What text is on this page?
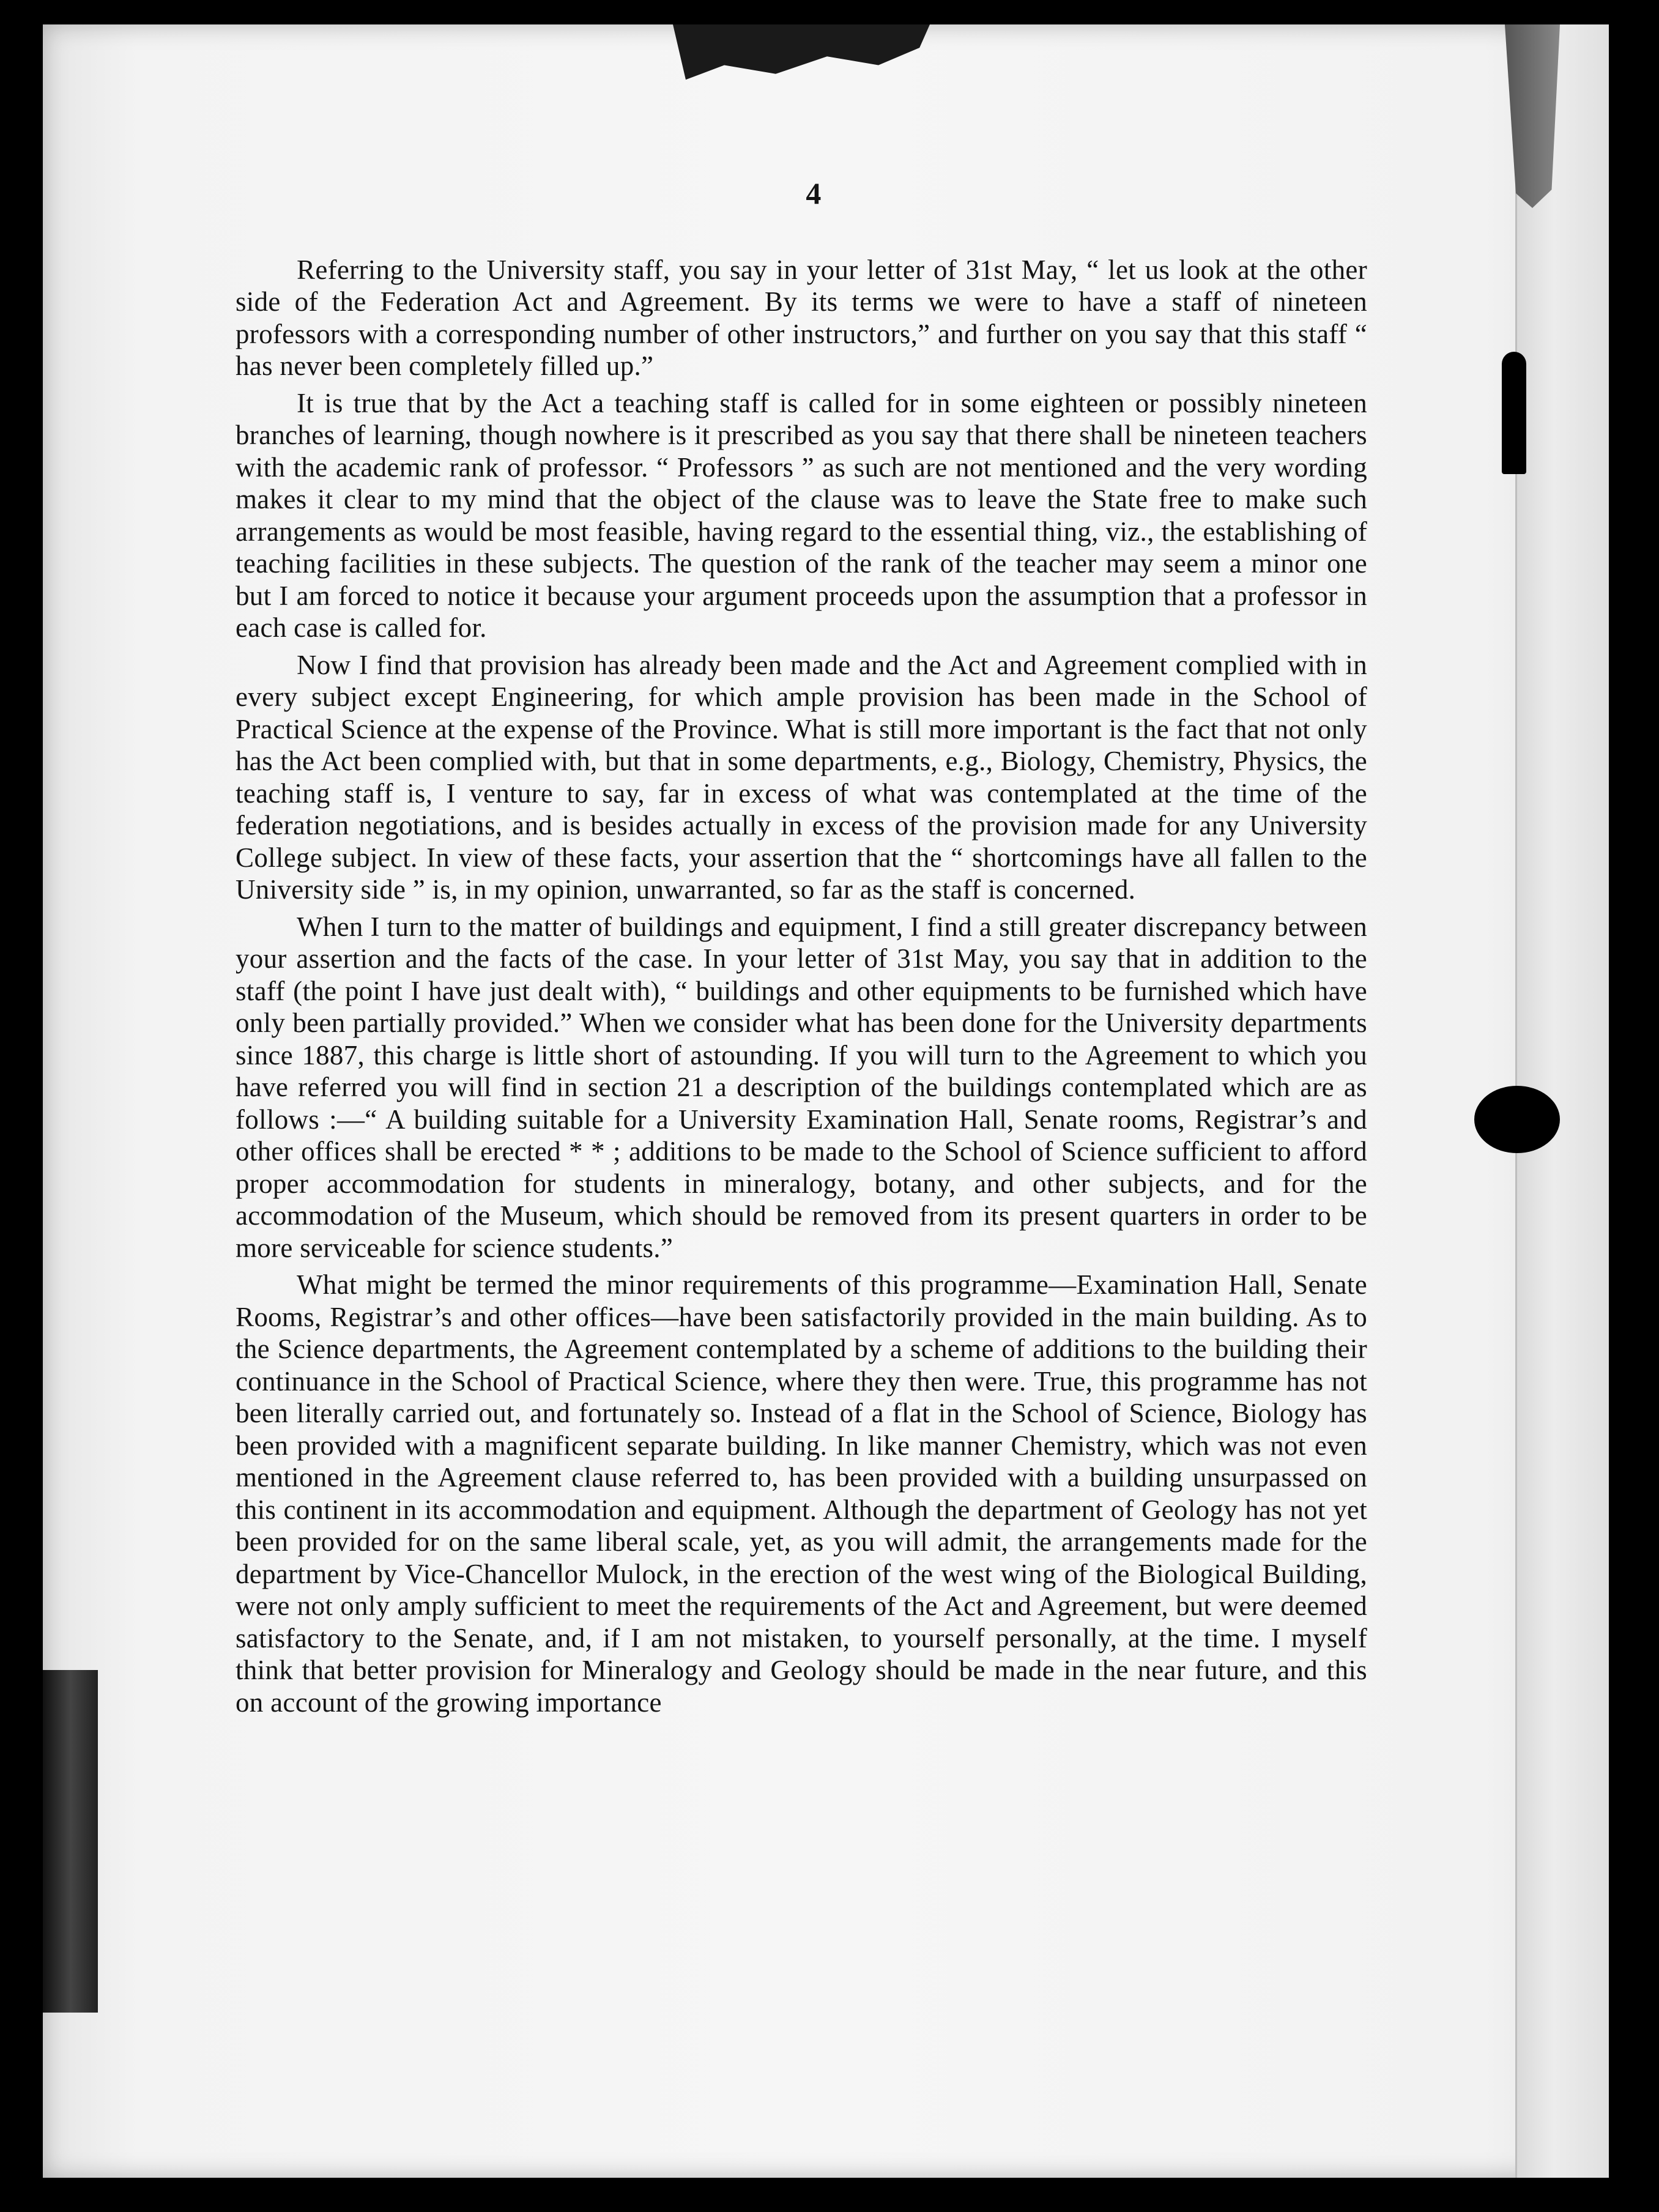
4

Referring to the University staff, you say in your letter of 31st May, “ let us look at the other side of the Federation Act and Agreement. By its terms we were to have a staff of nineteen professors with a corresponding number of other instructors,” and further on you say that this staff “ has never been completely filled up.”

It is true that by the Act a teaching staff is called for in some eighteen or possibly nineteen branches of learning, though nowhere is it prescribed as you say that there shall be nineteen teachers with the academic rank of professor. “ Professors ” as such are not mentioned and the very wording makes it clear to my mind that the object of the clause was to leave the State free to make such arrangements as would be most feasible, having regard to the essential thing, viz., the establishing of teaching facilities in these subjects. The question of the rank of the teacher may seem a minor one but I am forced to notice it because your argument proceeds upon the assumption that a professor in each case is called for.

Now I find that provision has already been made and the Act and Agreement complied with in every subject except Engineering, for which ample provision has been made in the School of Practical Science at the expense of the Province. What is still more important is the fact that not only has the Act been complied with, but that in some departments, e.g., Biology, Chemistry, Physics, the teaching staff is, I venture to say, far in excess of what was contemplated at the time of the federation negotiations, and is besides actually in excess of the provision made for any University College subject. In view of these facts, your assertion that the “ shortcomings have all fallen to the University side ” is, in my opinion, unwarranted, so far as the staff is concerned.

When I turn to the matter of buildings and equipment, I find a still greater discrepancy between your assertion and the facts of the case. In your letter of 31st May, you say that in addition to the staff (the point I have just dealt with), “ buildings and other equipments to be furnished which have only been partially provided.” When we consider what has been done for the University departments since 1887, this charge is little short of astounding. If you will turn to the Agreement to which you have referred you will find in section 21 a description of the buildings contemplated which are as follows :—“ A building suitable for a University Examination Hall, Senate rooms, Registrar’s and other offices shall be erected * * ; additions to be made to the School of Science sufficient to afford proper accommodation for students in mineralogy, botany, and other subjects, and for the accommodation of the Museum, which should be removed from its present quarters in order to be more serviceable for science students.”

What might be termed the minor requirements of this programme—Examination Hall, Senate Rooms, Registrar’s and other offices—have been satisfactorily provided in the main building. As to the Science departments, the Agreement contemplated by a scheme of additions to the building their continuance in the School of Practical Science, where they then were. True, this programme has not been literally carried out, and fortunately so. Instead of a flat in the School of Science, Biology has been provided with a magnificent separate building. In like manner Chemistry, which was not even mentioned in the Agreement clause referred to, has been provided with a building unsurpassed on this continent in its accommodation and equipment. Although the department of Geology has not yet been provided for on the same liberal scale, yet, as you will admit, the arrangements made for the department by Vice-Chancellor Mulock, in the erection of the west wing of the Biological Building, were not only amply sufficient to meet the requirements of the Act and Agreement, but were deemed satisfactory to the Senate, and, if I am not mistaken, to yourself personally, at the time. I myself think that better provision for Mineralogy and Geology should be made in the near future, and this on account of the growing importance
